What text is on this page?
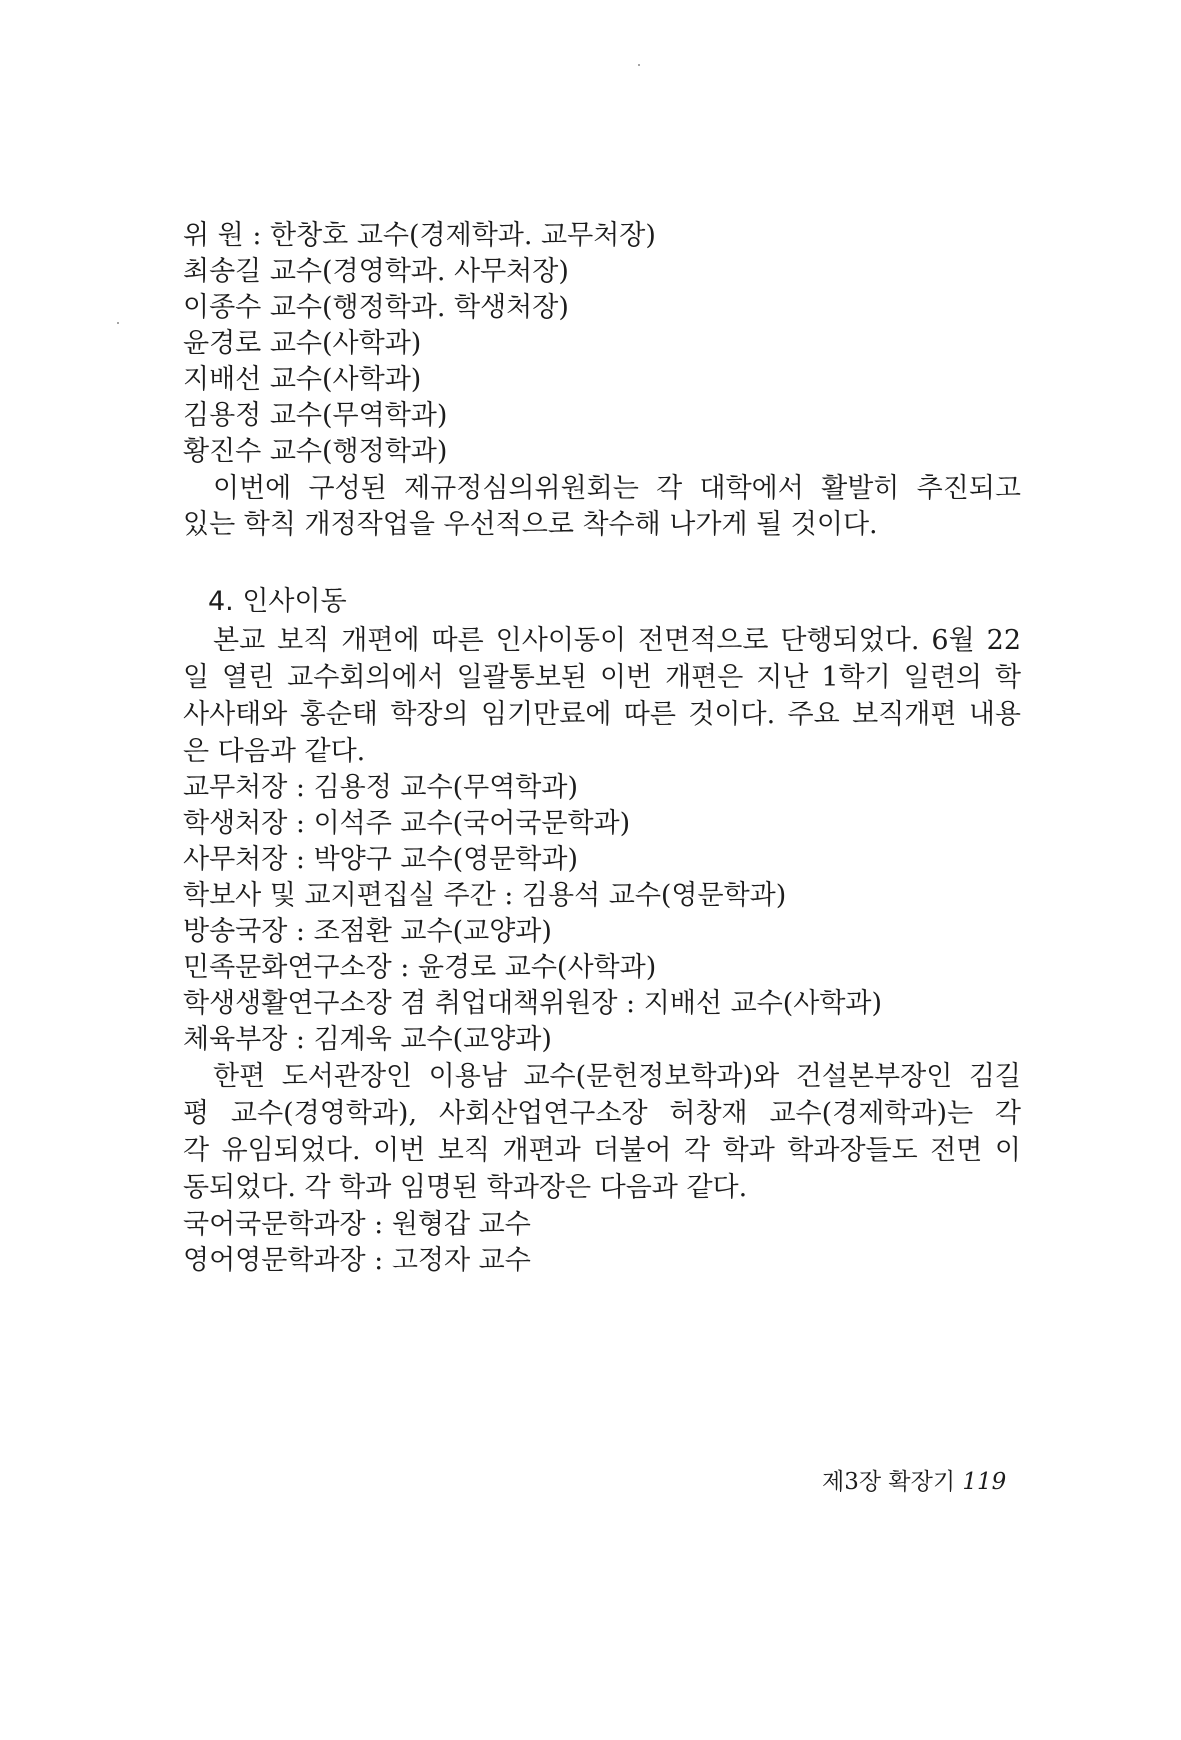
위 원 : 한창호 교수(경제학과. 교무처장)
최송길 교수(경영학과. 사무처장)
이종수 교수(행정학과. 학생처장)
윤경로 교수(사학과)
지배선 교수(사학과)
김용정 교수(무역학과)
황진수 교수(행정학과)
이번에 구성된 제규정심의위원회는 각 대학에서 활발히 추진되고
있는 학칙 개정작업을 우선적으로 착수해 나가게 될 것이다.
4. 인사이동
본교 보직 개편에 따른 인사이동이 전면적으로 단행되었다. 6월 22
일 열린 교수회의에서 일괄통보된 이번 개편은 지난 1학기 일련의 학
사사태와 홍순태 학장의 임기만료에 따른 것이다. 주요 보직개편 내용
은 다음과 같다.
교무처장 : 김용정 교수(무역학과)
학생처장 : 이석주 교수(국어국문학과)
사무처장 : 박양구 교수(영문학과)
학보사 및 교지편집실 주간 : 김용석 교수(영문학과)
방송국장 : 조점환 교수(교양과)
민족문화연구소장 : 윤경로 교수(사학과)
학생생활연구소장 겸 취업대책위원장 : 지배선 교수(사학과)
체육부장 : 김계욱 교수(교양과)
한편 도서관장인 이용남 교수(문헌정보학과)와 건설본부장인 김길
평 교수(경영학과), 사회산업연구소장 허창재 교수(경제학과)는 각
각 유임되었다. 이번 보직 개편과 더불어 각 학과 학과장들도 전면 이
동되었다. 각 학과 임명된 학과장은 다음과 같다.
국어국문학과장 : 원형갑 교수
영어영문학과장 : 고정자 교수
제3장 확장기 119
